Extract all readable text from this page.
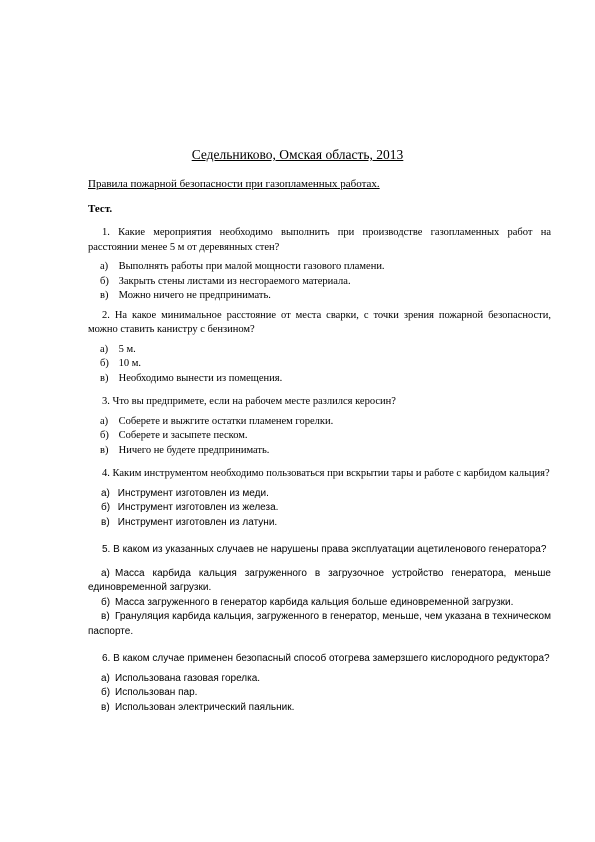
Седельниково, Омская область, 2013
Правила пожарной безопасности при газопламенных работах.
Тест.

1. Какие мероприятия необходимо выполнить при производстве газопламенных работ на расстоянии менее 5 м от деревянных стен?

а) Выполнять работы при малой мощности газового пламени.
б) Закрыть стены листами из несгораемого материала.
в) Можно ничего не предпринимать.

2. На какое минимальное расстояние от места сварки, с точки зрения пожарной безопасности, можно ставить канистру с бензином?

а) 5 м.
б) 10 м.
в) Необходимо вынести из помещения.

3. Что вы предпримете, если на рабочем месте разлился керосин?

а) Соберете и выжгите остатки пламенем горелки.
б) Соберете и засыпете песком.
в) Ничего не будете предпринимать.

4. Каким инструментом необходимо пользоваться при вскрытии тары и работе с карбидом кальция?

а) Инструмент изготовлен из меди.
б) Инструмент изготовлен из железа.
в) Инструмент изготовлен из латуни.

5. В каком из указанных случаев не нарушены права эксплуатации ацетиленового генератора?

а) Масса карбида кальция загруженного в загрузочное устройство генератора, меньше единовременной загрузки.
б) Масса загруженного в генератор карбида кальция больше единовременной загрузки.
в) Грануляция карбида кальция, загруженного в генератор, меньше, чем указана в техническом паспорте.

6. В каком случае применен безопасный способ отогрева замерзшего кислородного редуктора?

а) Использована газовая горелка.
б) Использован пар.
в) Использован электрический паяльник.
